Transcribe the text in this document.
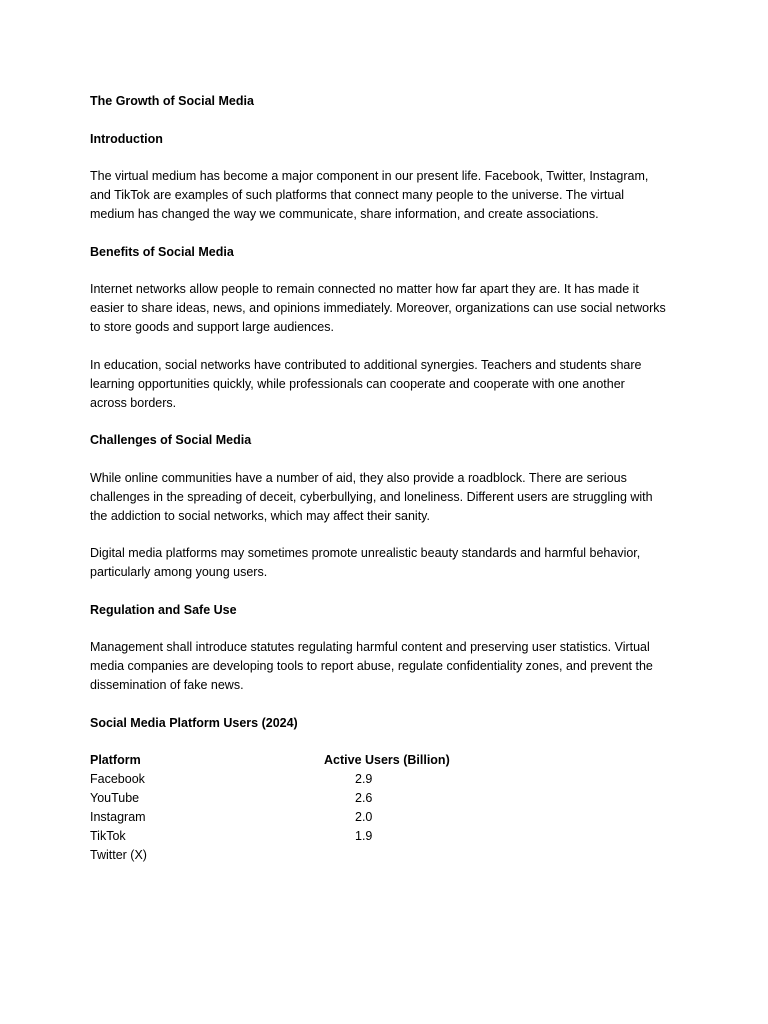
The Growth of Social Media
Introduction
The virtual medium has become a major component in our present life. Facebook, Twitter, Instagram,
and TikTok are examples of such platforms that connect many people to the universe. The virtual
medium has changed the way we communicate, share information, and create associations.
Benefits of Social Media
Internet networks allow people to remain connected no matter how far apart they are. It has made it
easier to share ideas, news, and opinions immediately. Moreover, organizations can use social networks
to store goods and support large audiences.
In education, social networks have contributed to additional synergies. Teachers and students share
learning opportunities quickly, while professionals can cooperate and cooperate with one another
across borders.
Challenges of Social Media
While online communities have a number of aid, they also provide a roadblock. There are serious
challenges in the spreading of deceit, cyberbullying, and loneliness. Different users are struggling with
the addiction to social networks, which may affect their sanity.
Digital media platforms may sometimes promote unrealistic beauty standards and harmful behavior,
particularly among young users.
Regulation and Safe Use
Management shall introduce statutes regulating harmful content and preserving user statistics. Virtual
media companies are developing tools to report abuse, regulate confidentiality zones, and prevent the
dissemination of fake news.
Social Media Platform Users (2024)
Platform	Active Users (Billion)
Facebook	2.9
YouTube	2.6
Instagram	2.0
TikTok	1.9
Twitter (X)
